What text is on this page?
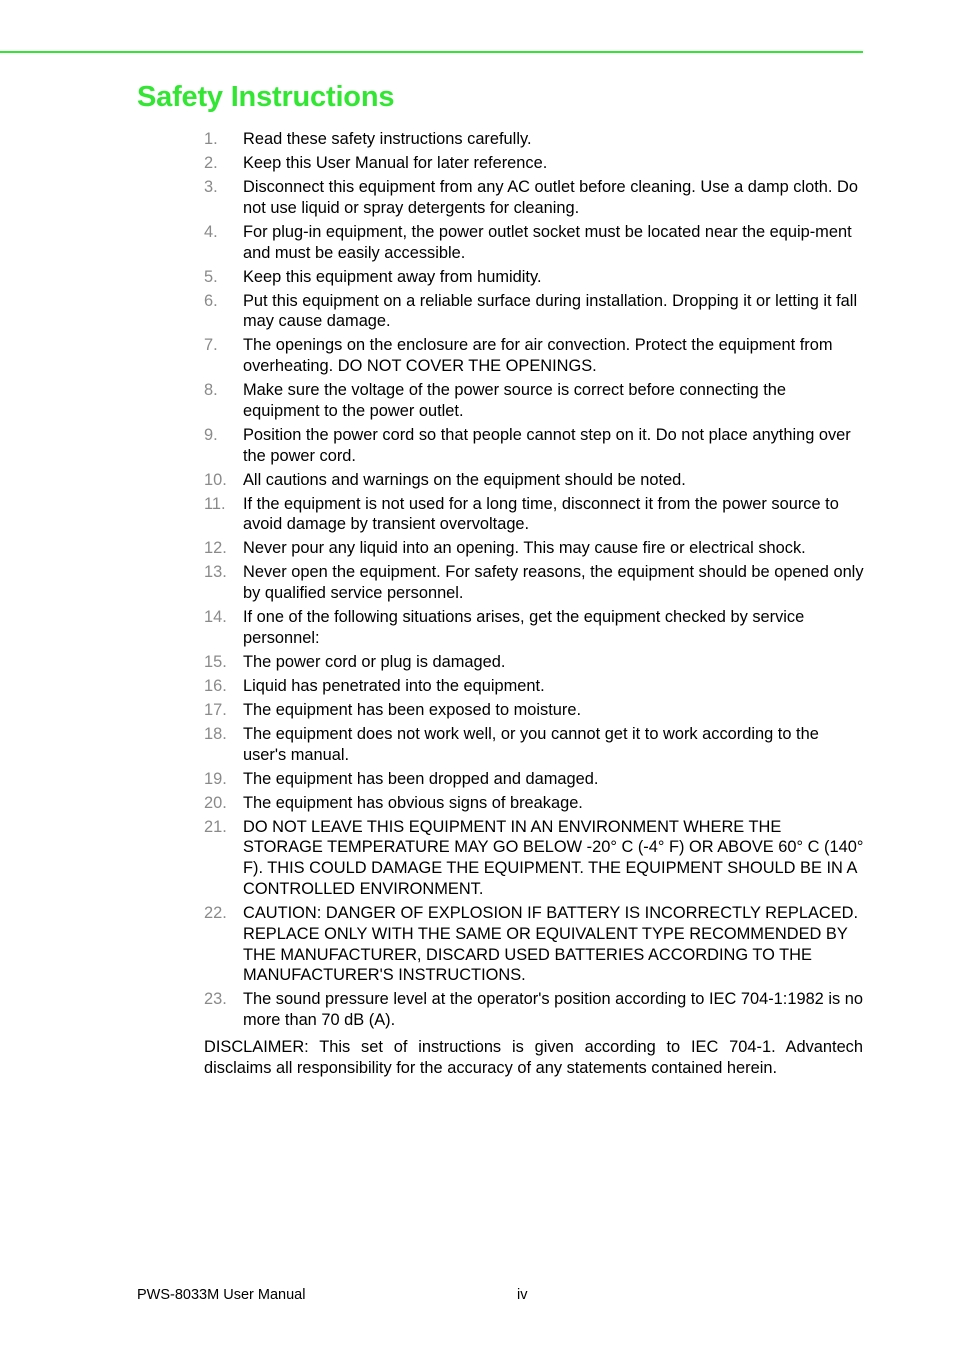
Safety Instructions
1.	Read these safety instructions carefully.
2.	Keep this User Manual for later reference.
3.	Disconnect this equipment from any AC outlet before cleaning. Use a damp cloth. Do not use liquid or spray detergents for cleaning.
4.	For plug-in equipment, the power outlet socket must be located near the equip-ment and must be easily accessible.
5.	Keep this equipment away from humidity.
6.	Put this equipment on a reliable surface during installation. Dropping it or letting it fall may cause damage.
7.	The openings on the enclosure are for air convection. Protect the equipment from overheating. DO NOT COVER THE OPENINGS.
8.	Make sure the voltage of the power source is correct before connecting the equipment to the power outlet.
9.	Position the power cord so that people cannot step on it. Do not place anything over the power cord.
10. All cautions and warnings on the equipment should be noted.
11.	If the equipment is not used for a long time, disconnect it from the power source to avoid damage by transient overvoltage.
12. Never pour any liquid into an opening. This may cause fire or electrical shock.
13. Never open the equipment. For safety reasons, the equipment should be opened only by qualified service personnel.
14. If one of the following situations arises, get the equipment checked by service personnel:
15. The power cord or plug is damaged.
16. Liquid has penetrated into the equipment.
17. The equipment has been exposed to moisture.
18. The equipment does not work well, or you cannot get it to work according to the user's manual.
19. The equipment has been dropped and damaged.
20. The equipment has obvious signs of breakage.
21. DO NOT LEAVE THIS EQUIPMENT IN AN ENVIRONMENT WHERE THE STORAGE TEMPERATURE MAY GO BELOW -20° C (-4° F) OR ABOVE 60° C (140° F). THIS COULD DAMAGE THE EQUIPMENT. THE EQUIPMENT SHOULD BE IN A CONTROLLED ENVIRONMENT.
22. CAUTION: DANGER OF EXPLOSION IF BATTERY IS INCORRECTLY REPLACED. REPLACE ONLY WITH THE SAME OR EQUIVALENT TYPE RECOMMENDED BY THE MANUFACTURER, DISCARD USED BATTERIES ACCORDING TO THE MANUFACTURER'S INSTRUCTIONS.
23. The sound pressure level at the operator's position according to IEC 704-1:1982 is no more than 70 dB (A).

DISCLAIMER: This set of instructions is given according to IEC 704-1. Advantech disclaims all responsibility for the accuracy of any statements contained herein.

PWS-8033M User Manual	iv
